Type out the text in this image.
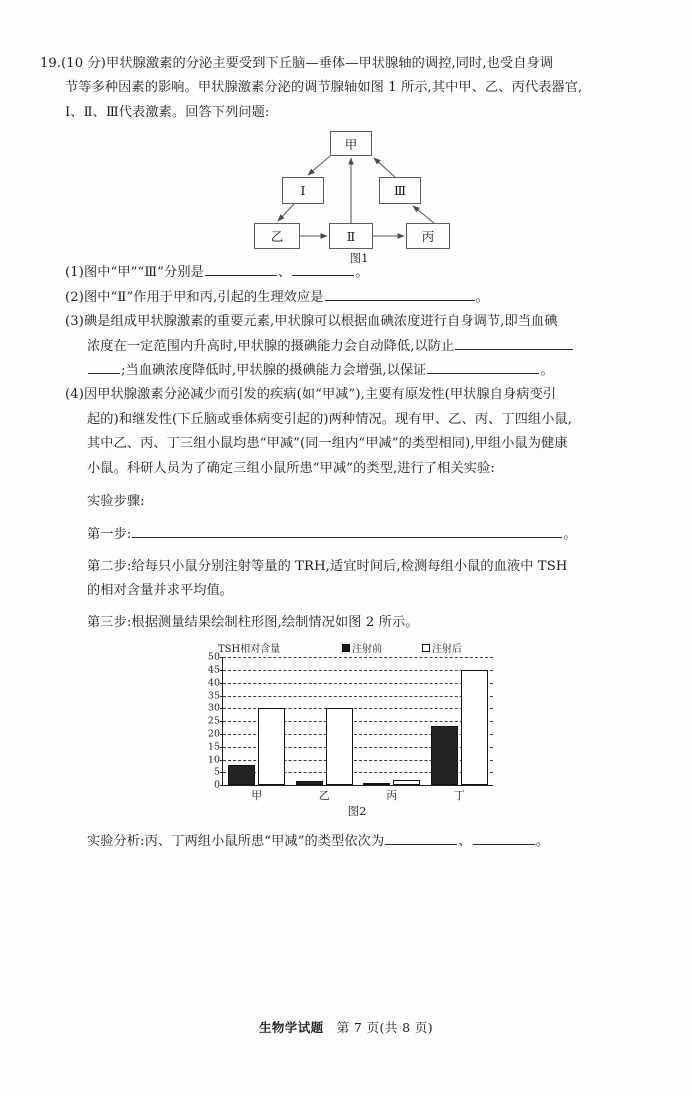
19.(10 分)甲状腺激素的分泌主要受到下丘脑—垂体—甲状腺轴的调控,同时,也受自身调
节等多种因素的影响。甲状腺激素分泌的调节腺轴如图 1 所示,其中甲、乙、丙代表器官,
Ⅰ、Ⅱ、Ⅲ代表激素。回答下列问题:
甲
Ⅰ	Ⅲ
乙	Ⅱ	丙
图1
(1)图中“甲”“Ⅲ”分别是	、	。
(2)图中“Ⅱ”作用于甲和丙,引起的生理效应是	。
(3)碘是组成甲状腺激素的重要元素,甲状腺可以根据血碘浓度进行自身调节,即当血碘
浓度在一定范围内升高时,甲状腺的摄碘能力会自动降低,以防止
;当血碘浓度降低时,甲状腺的摄碘能力会增强,以保证	。
(4)因甲状腺激素分泌减少而引发的疾病(如“甲减”),主要有原发性(甲状腺自身病变引
起的)和继发性(下丘脑或垂体病变引起的)两种情况。现有甲、乙、丙、丁四组小鼠,
其中乙、丙、丁三组小鼠均患“甲减”(同一组内“甲减”的类型相同),甲组小鼠为健康
小鼠。科研人员为了确定三组小鼠所患“甲减”的类型,进行了相关实验:
实验步骤:
第一步:	。
第二步:给每只小鼠分别注射等量的 TRH,适宜时间后,检测每组小鼠的血液中 TSH
的相对含量并求平均值。
第三步:根据测量结果绘制柱形图,绘制情况如图 2 所示。
TSH相对含量	注射前	注射后
0
5
10
15
20
25
30
35
40
45
50
甲	乙	丙	丁
图2
实验分析:丙、丁两组小鼠所患“甲减”的类型依次为	、	。
生物学试题 第 7 页(共 8 页)
